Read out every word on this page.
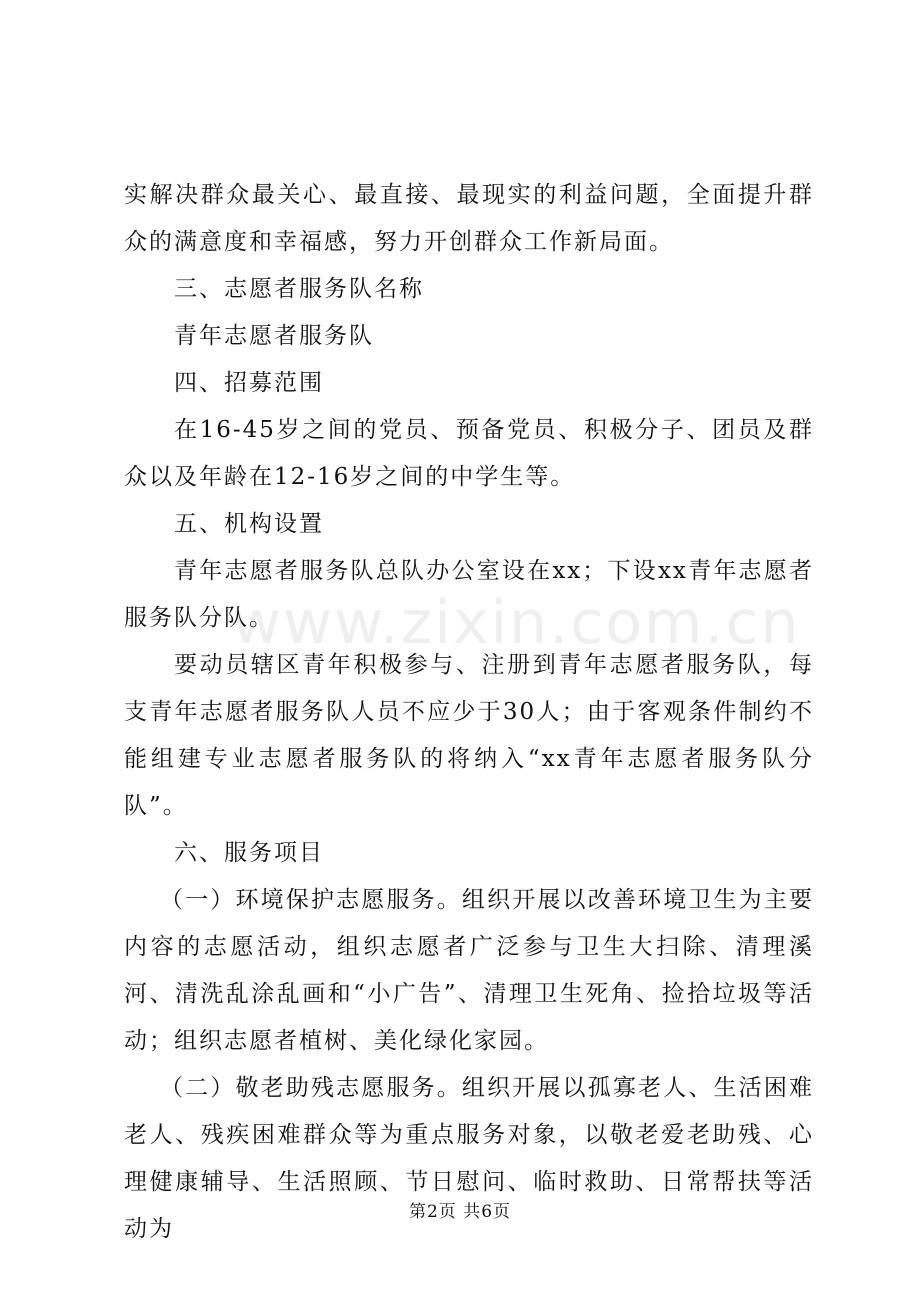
www.zixin.com.cn

实解决群众最关心、最直接、最现实的利益问题，全面提升群众的满意度和幸福感，努力开创群众工作新局面。

三、志愿者服务队名称

青年志愿者服务队

四、招募范围

在16-45岁之间的党员、预备党员、积极分子、团员及群众以及年龄在12-16岁之间的中学生等。

五、机构设置

青年志愿者服务队总队办公室设在xx；下设xx青年志愿者服务队分队。

要动员辖区青年积极参与、注册到青年志愿者服务队，每支青年志愿者服务队人员不应少于30人；由于客观条件制约不能组建专业志愿者服务队的将纳入“xx青年志愿者服务队分队”。

六、服务项目

（一）环境保护志愿服务。组织开展以改善环境卫生为主要内容的志愿活动，组织志愿者广泛参与卫生大扫除、清理溪河、清洗乱涂乱画和“小广告”、清理卫生死角、捡拾垃圾等活动；组织志愿者植树、美化绿化家园。

（二）敬老助残志愿服务。组织开展以孤寡老人、生活困难老人、残疾困难群众等为重点服务对象，以敬老爱老助残、心理健康辅导、生活照顾、节日慰问、临时救助、日常帮扶等活动为

第2页 共6页
